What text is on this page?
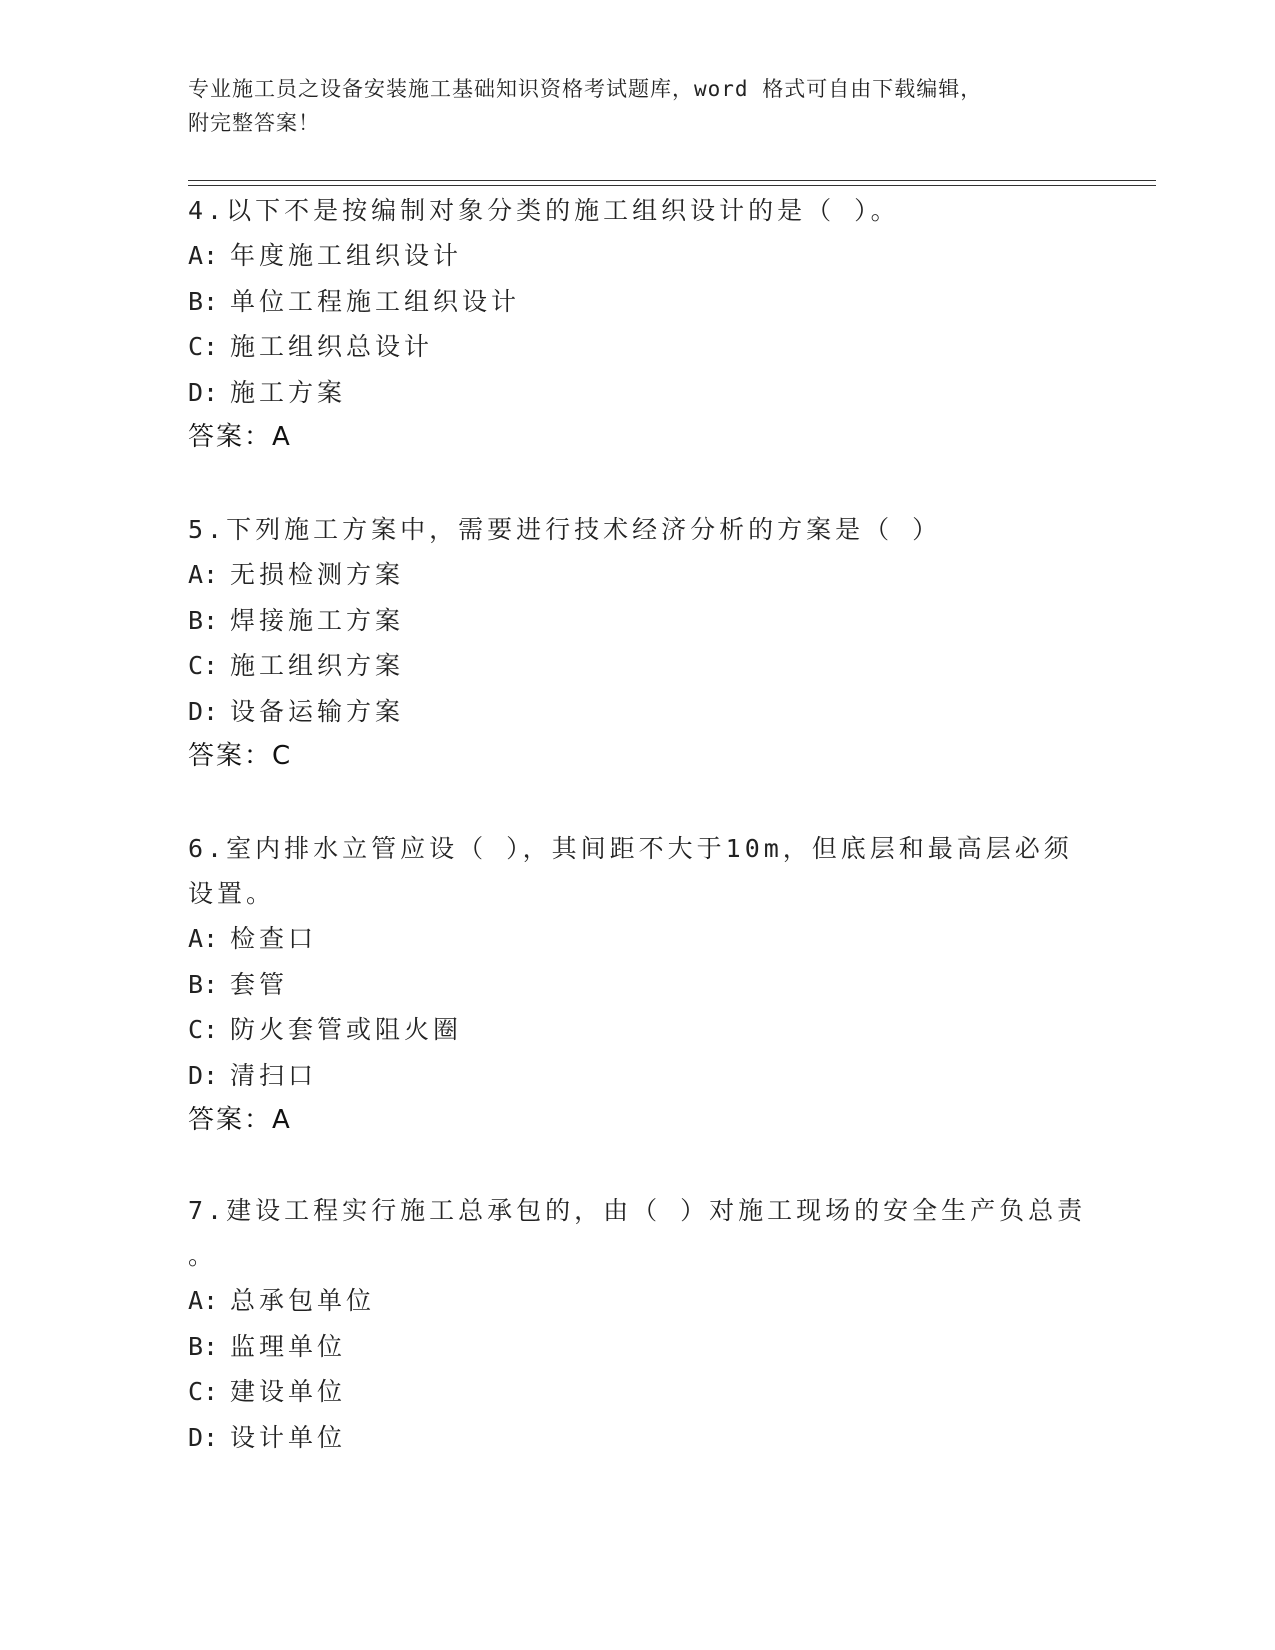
专业施工员之设备安装施工基础知识资格考试题库，word 格式可自由下载编辑，
附完整答案！
4.以下不是按编制对象分类的施工组织设计的是（ ）。
A: 年度施工组织设计
B: 单位工程施工组织设计
C: 施工组织总设计
D: 施工方案
答案：A
5.下列施工方案中，需要进行技术经济分析的方案是（ ）
A: 无损检测方案
B: 焊接施工方案
C: 施工组织方案
D: 设备运输方案
答案：C
6.室内排水立管应设（ ），其间距不大于10m，但底层和最高层必须
设置。
A: 检查口
B: 套管
C: 防火套管或阻火圈
D: 清扫口
答案：A
7.建设工程实行施工总承包的，由（ ）对施工现场的安全生产负总责
。
A: 总承包单位
B: 监理单位
C: 建设单位
D: 设计单位
